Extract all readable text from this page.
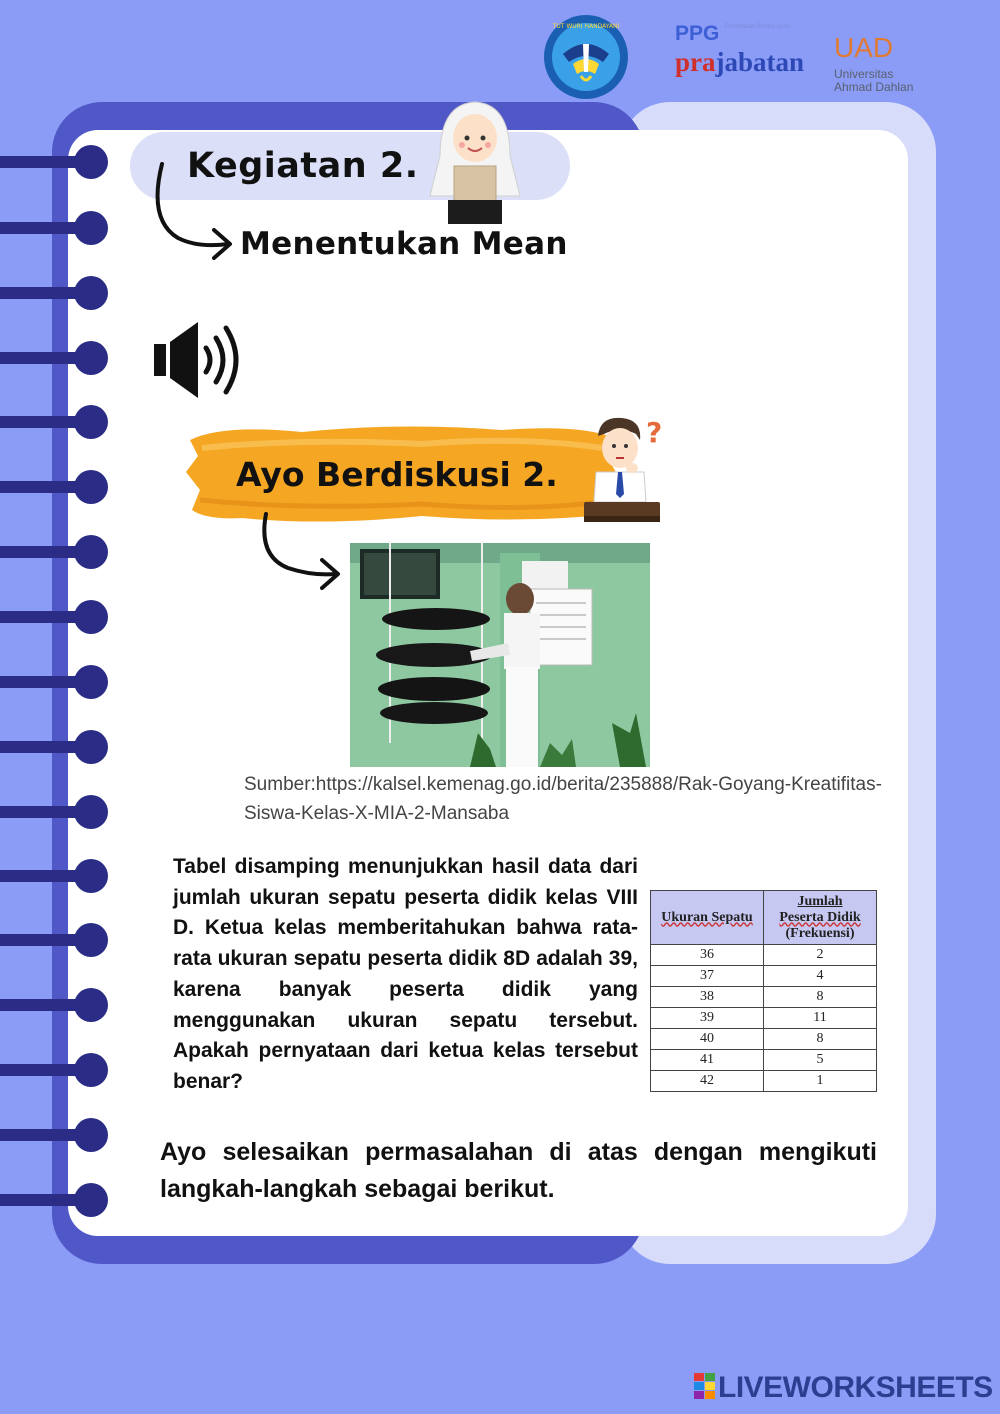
TUT WURI HANDAYANI	PPG Pendidikan Profesi Guru
prajabatan UAD
Universitas
Ahmad Dahlan
Kegiatan 2.
Menentukan Mean
Ayo Berdiskusi 2.
?
Sumber:https://kalsel.kemenag.go.id/berita/235888/Rak-Goyang-Kreatifitas-Siswa-Kelas-X-MIA-2-Mansaba
Tabel disamping menunjukkan hasil data dari jumlah ukuran sepatu peserta didik kelas VIII D. Ketua kelas memberitahukan bahwa rata-rata ukuran sepatu peserta didik 8D adalah 39, karena banyak peserta didik yang menggunakan ukuran sepatu tersebut. Apakah pernyataan dari ketua kelas tersebut benar?
Ukuran Sepatu	Jumlah
Peserta Didik
(Frekuensi)

36	2
37	4
38	8
39	11
40	8
41	5
42	1
Ayo selesaikan permasalahan di atas dengan mengikuti langkah-langkah sebagai berikut.
LIVEWORKSHEETS
